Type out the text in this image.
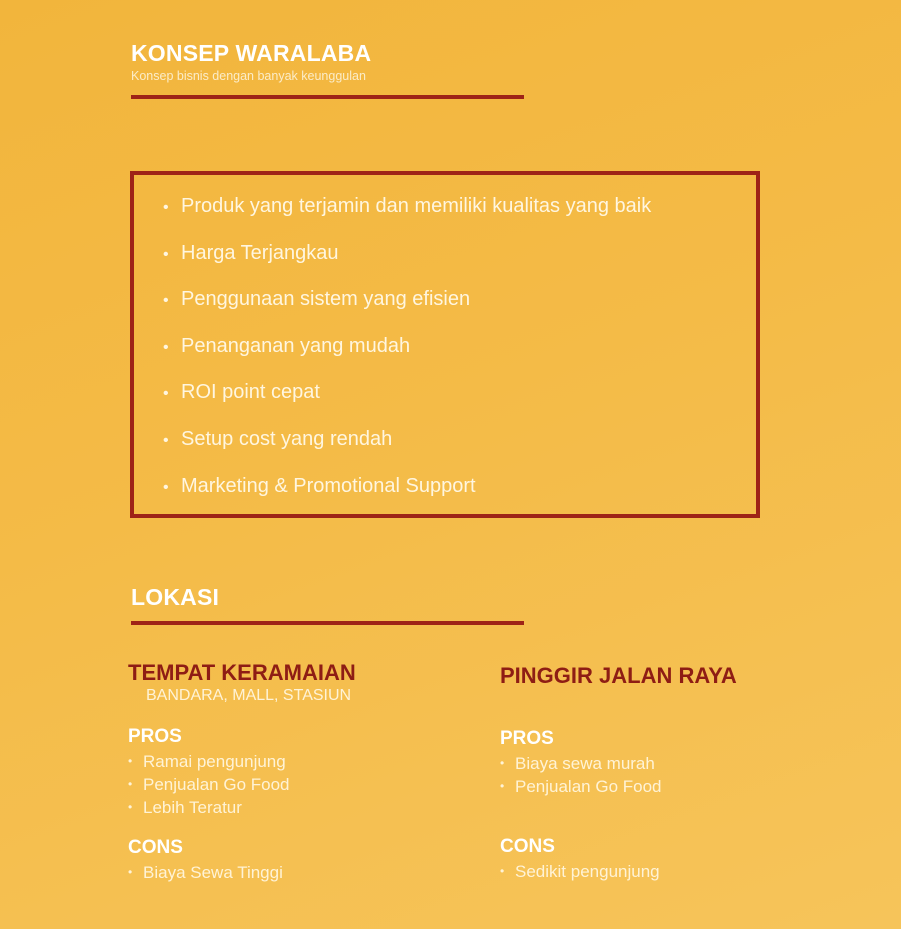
KONSEP WARALABA
Konsep bisnis dengan banyak keunggulan
• Produk yang terjamin dan memiliki kualitas yang baik
• Harga Terjangkau
• Penggunaan sistem yang efisien
• Penanganan yang mudah
• ROI point cepat
• Setup cost yang rendah
• Marketing & Promotional Support
LOKASI
TEMPAT KERAMAIAN
BANDARA, MALL, STASIUN
PROS
• Ramai pengunjung
• Penjualan Go Food
• Lebih Teratur
CONS
• Biaya Sewa Tinggi
PINGGIR JALAN RAYA
PROS
• Biaya sewa murah
• Penjualan Go Food
CONS
• Sedikit pengunjung
